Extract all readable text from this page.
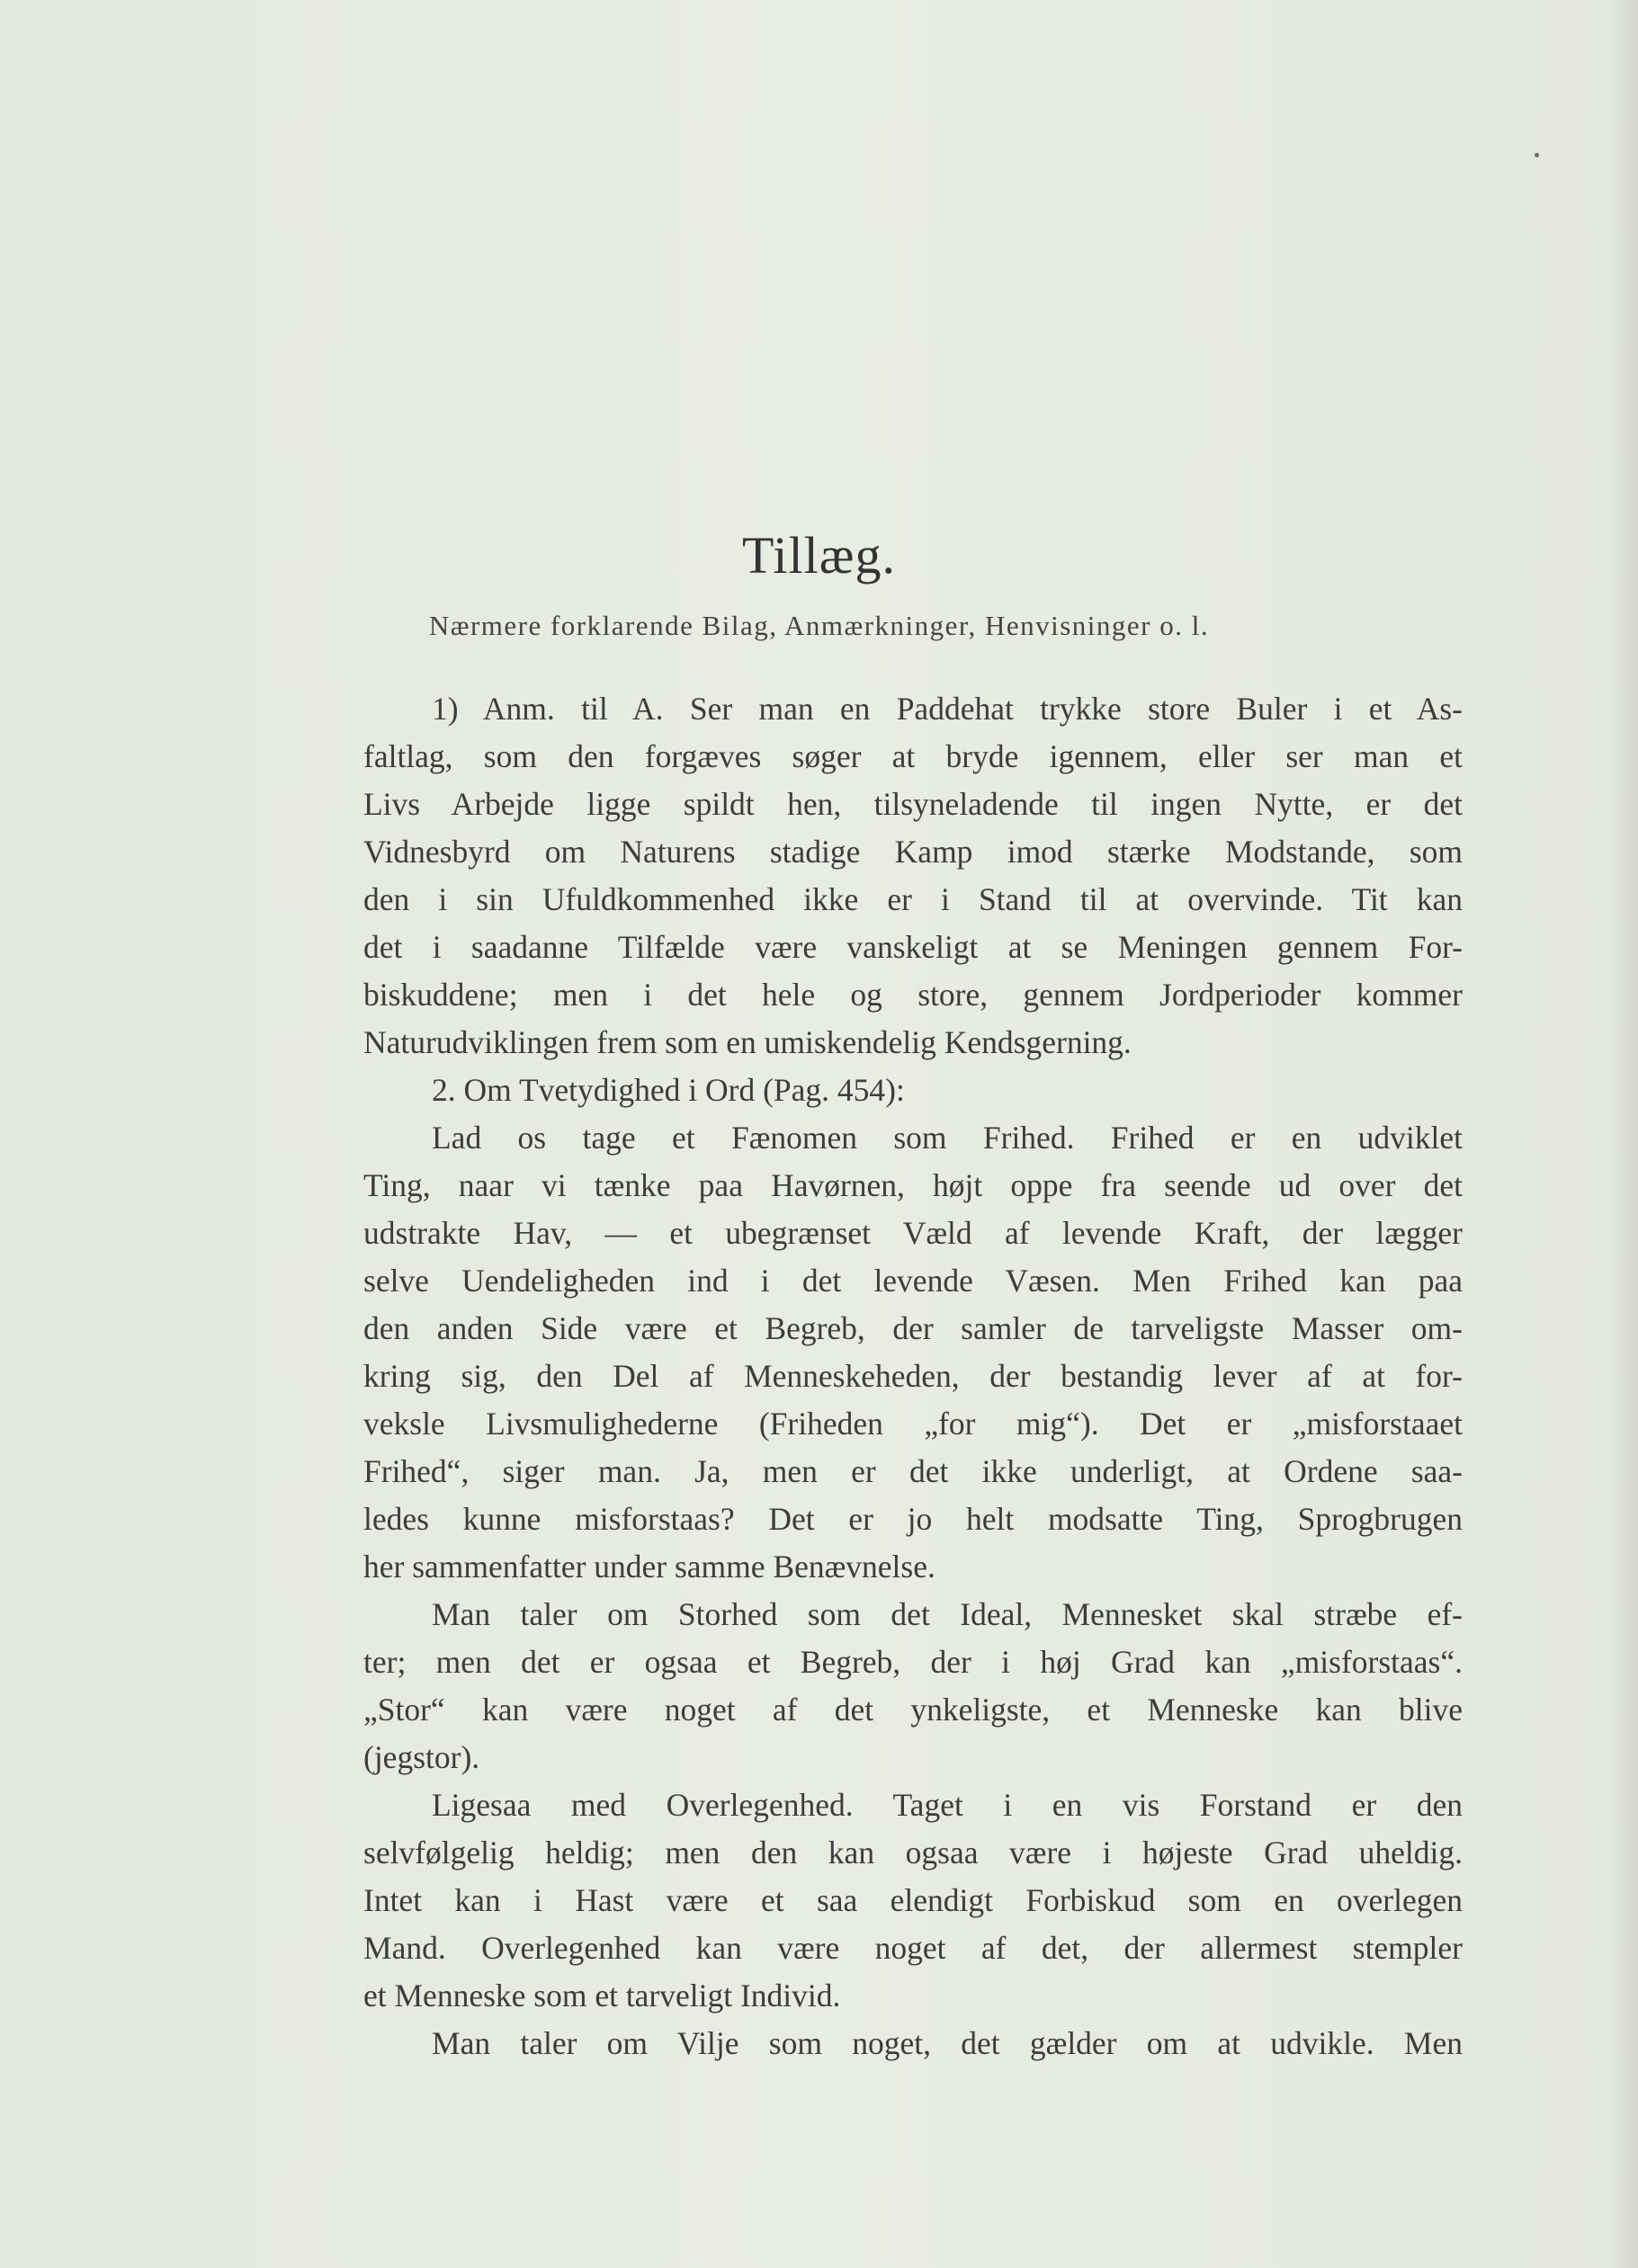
Tillæg.
Nærmere forklarende Bilag, Anmærkninger, Henvisninger o. l.

1) Anm. til A. Ser man en Paddehat trykke store Buler i et As-

faltlag, som den forgæves søger at bryde igennem, eller ser man et

Livs Arbejde ligge spildt hen, tilsyneladende til ingen Nytte, er det

Vidnesbyrd om Naturens stadige Kamp imod stærke Modstande, som

den i sin Ufuldkommenhed ikke er i Stand til at overvinde. Tit kan

det i saadanne Tilfælde være vanskeligt at se Meningen gennem For-

biskuddene; men i det hele og store, gennem Jordperioder kommer

Naturudviklingen frem som en umiskendelig Kendsgerning.

2. Om Tvetydighed i Ord (Pag. 454):

Lad os tage et Fænomen som Frihed. Frihed er en udviklet

Ting, naar vi tænke paa Havørnen, højt oppe fra seende ud over det

udstrakte Hav, — et ubegrænset Væld af levende Kraft, der lægger

selve Uendeligheden ind i det levende Væsen. Men Frihed kan paa

den anden Side være et Begreb, der samler de tarveligste Masser om-

kring sig, den Del af Menneskeheden, der bestandig lever af at for-

veksle Livsmulighederne (Friheden „for mig“). Det er „misforstaaet

Frihed“, siger man. Ja, men er det ikke underligt, at Ordene saa-

ledes kunne misforstaas? Det er jo helt modsatte Ting, Sprogbrugen

her sammenfatter under samme Benævnelse.

Man taler om Storhed som det Ideal, Mennesket skal stræbe ef-

ter; men det er ogsaa et Begreb, der i høj Grad kan „misforstaas“.

„Stor“ kan være noget af det ynkeligste, et Menneske kan blive

(jegstor).

Ligesaa med Overlegenhed. Taget i en vis Forstand er den

selvfølgelig heldig; men den kan ogsaa være i højeste Grad uheldig.

Intet kan i Hast være et saa elendigt Forbiskud som en overlegen

Mand. Overlegenhed kan være noget af det, der allermest stempler

et Menneske som et tarveligt Individ.

Man taler om Vilje som noget, det gælder om at udvikle. Men
